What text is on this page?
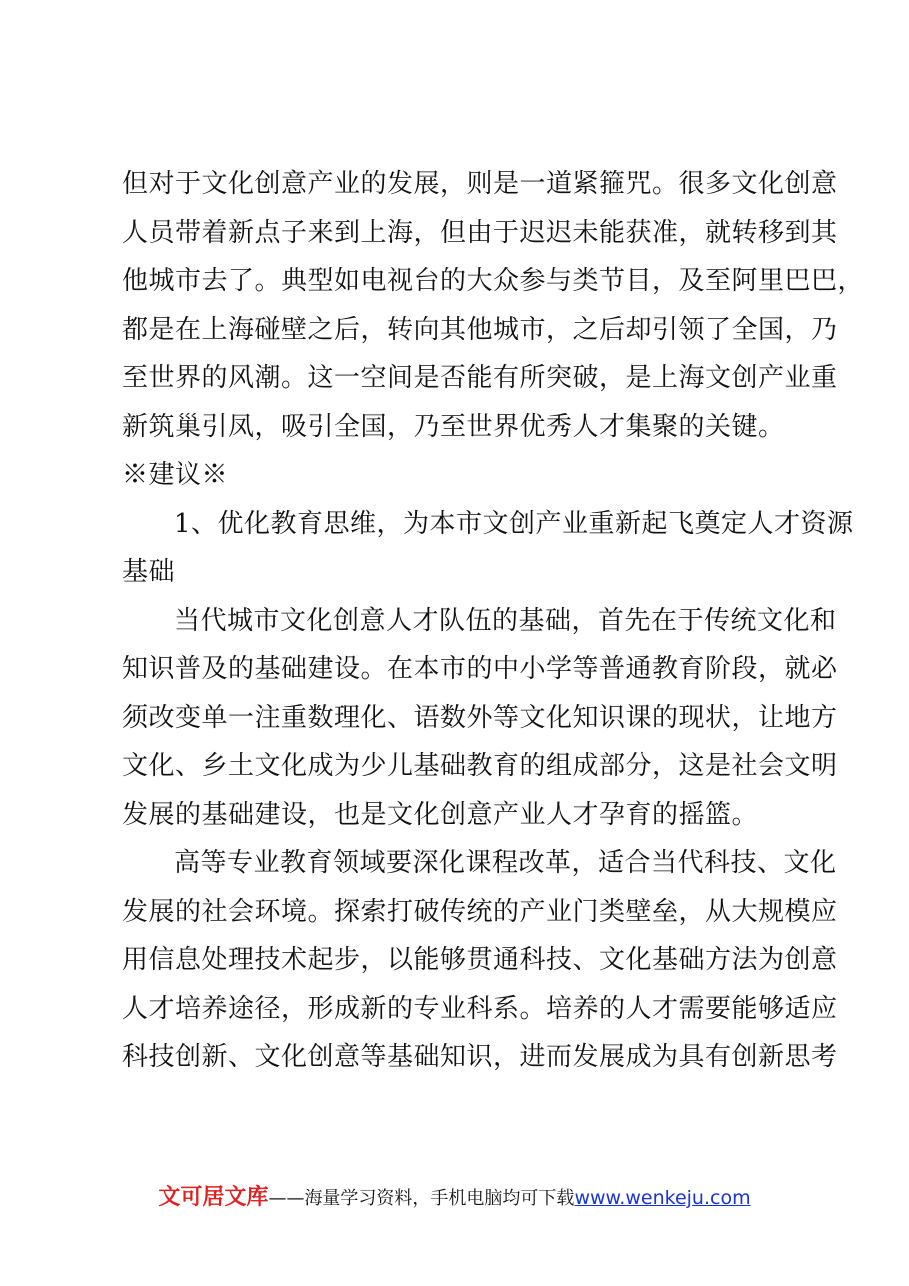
但对于文化创意产业的发展，则是一道紧箍咒。很多文化创意
人员带着新点子来到上海，但由于迟迟未能获准，就转移到其
他城市去了。典型如电视台的大众参与类节目，及至阿里巴巴，
都是在上海碰壁之后，转向其他城市，之后却引领了全国，乃
至世界的风潮。这一空间是否能有所突破，是上海文创产业重
新筑巢引凤，吸引全国，乃至世界优秀人才集聚的关键。
※建议※
1、优化教育思维，为本市文创产业重新起飞奠定人才资源
基础
当代城市文化创意人才队伍的基础，首先在于传统文化和
知识普及的基础建设。在本市的中小学等普通教育阶段，就必
须改变单一注重数理化、语数外等文化知识课的现状，让地方
文化、乡土文化成为少儿基础教育的组成部分，这是社会文明
发展的基础建设，也是文化创意产业人才孕育的摇篮。
高等专业教育领域要深化课程改革，适合当代科技、文化
发展的社会环境。探索打破传统的产业门类壁垒，从大规模应
用信息处理技术起步，以能够贯通科技、文化基础方法为创意
人才培养途径，形成新的专业科系。培养的人才需要能够适应
科技创新、文化创意等基础知识，进而发展成为具有创新思考
文可居文库——海量学习资料，手机电脑均可下载www.wenkeju.com
